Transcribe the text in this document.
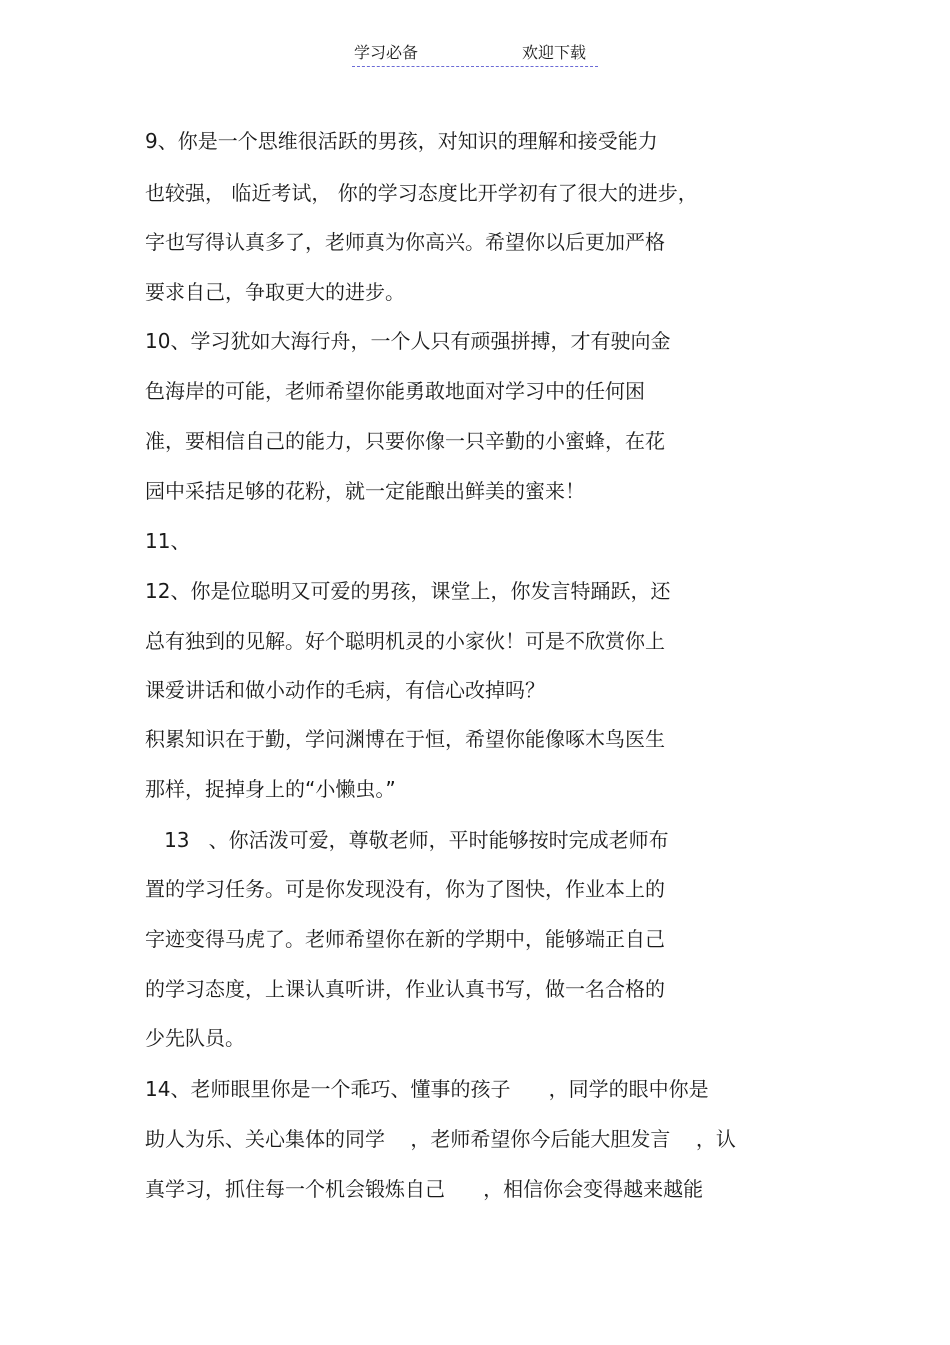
学习必备	欢迎下载
9、你是一个思维很活跃的男孩，对知识的理解和接受能力
也较强， 临近考试， 你的学习态度比开学初有了很大的进步，
字也写得认真多了，老师真为你高兴。希望你以后更加严格
要求自己，争取更大的进步。
10、学习犹如大海行舟，一个人只有顽强拼搏，才有驶向金
色海岸的可能，老师希望你能勇敢地面对学习中的任何困
准，要相信自己的能力，只要你像一只辛勤的小蜜蜂，在花
园中采拮足够的花粉，就一定能酿出鲜美的蜜来！
11、
12、你是位聪明又可爱的男孩，课堂上，你发言特踊跃，还
总有独到的见解。好个聪明机灵的小家伙！可是不欣赏你上
课爱讲话和做小动作的毛病，有信心改掉吗？
积累知识在于勤，学问渊博在于恒，希望你能像啄木鸟医生
那样，捉掉身上的“小懒虫。”
13   、你活泼可爱，尊敬老师，平时能够按时完成老师布
置的学习任务。可是你发现没有，你为了图快，作业本上的
字迹变得马虎了。老师希望你在新的学期中，能够端正自己
的学习态度，上课认真听讲，作业认真书写，做一名合格的
少先队员。
14、老师眼里你是一个乖巧、懂事的孩子      ，同学的眼中你是
助人为乐、关心集体的同学    ，老师希望你今后能大胆发言    ，认
真学习，抓住每一个机会锻炼自己      ，相信你会变得越来越能
